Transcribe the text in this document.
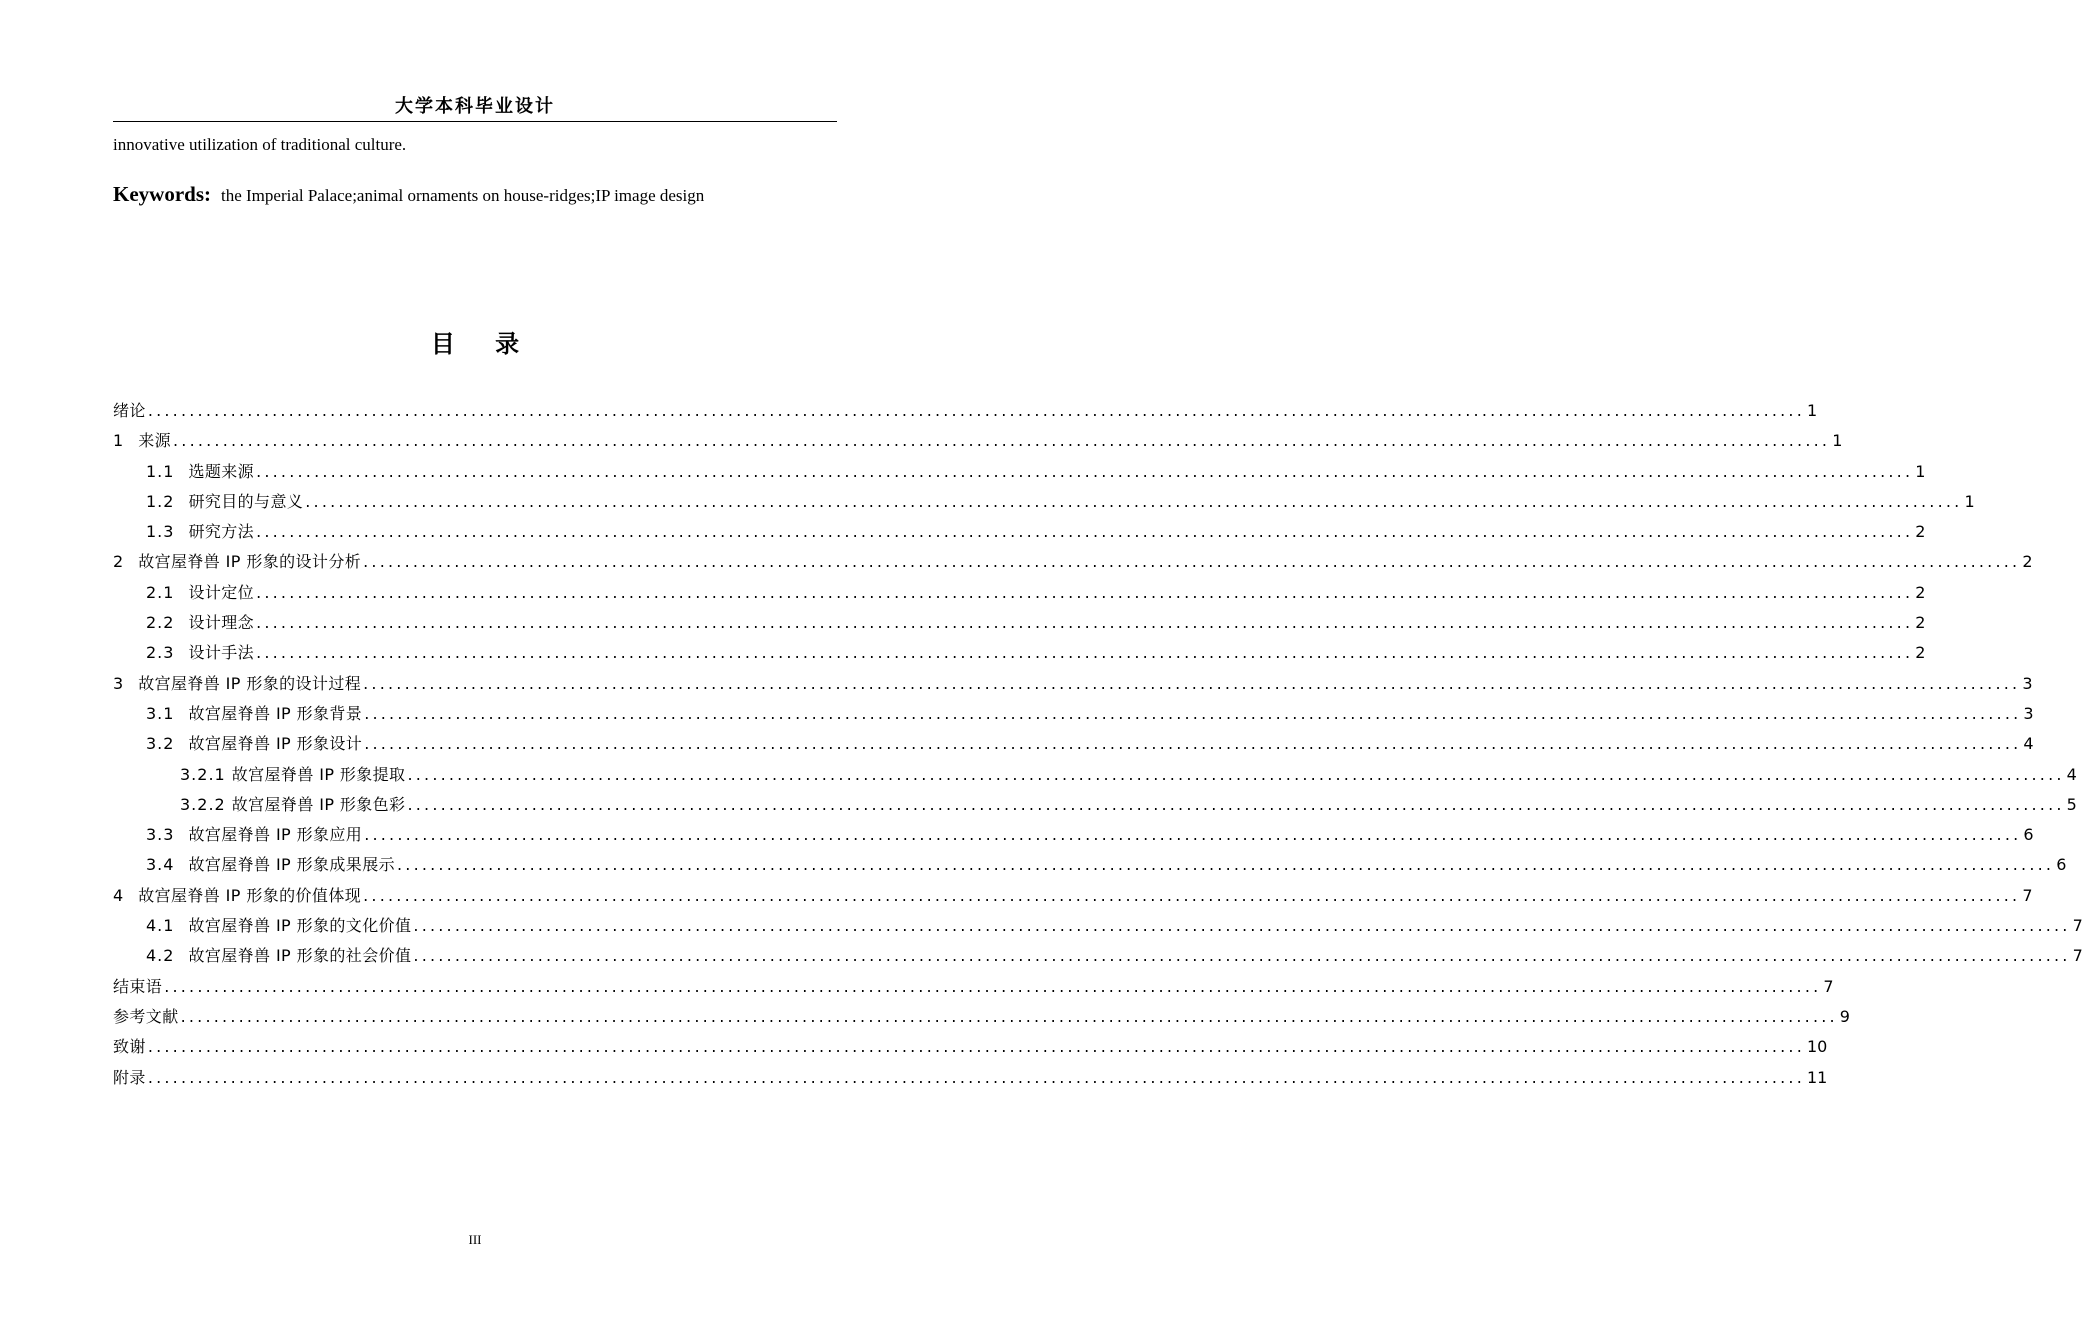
大学本科毕业设计
innovative utilization of traditional culture.
Keywords: the Imperial Palace;animal ornaments on house-ridges;IP image design
目 录
绪论 ........................................................................................................................................................................................................ 1
1 来源 ........................................................................................................................................................................................................ 1
1.1 选题来源 ........................................................................................................................................................................................................ 1
1.2 研究目的与意义 ........................................................................................................................................................................................................ 1
1.3 研究方法 ........................................................................................................................................................................................................ 2
2 故宫屋脊兽 IP 形象的设计分析 ........................................................................................................................................................................................................ 2
2.1 设计定位 ........................................................................................................................................................................................................ 2
2.2 设计理念 ........................................................................................................................................................................................................ 2
2.3 设计手法 ........................................................................................................................................................................................................ 2
3 故宫屋脊兽 IP 形象的设计过程 ........................................................................................................................................................................................................ 3
3.1 故宫屋脊兽 IP 形象背景 ........................................................................................................................................................................................................ 3
3.2 故宫屋脊兽 IP 形象设计 ........................................................................................................................................................................................................ 4
3.2.1 故宫屋脊兽 IP 形象提取 ........................................................................................................................................................................................................ 4
3.2.2 故宫屋脊兽 IP 形象色彩 ........................................................................................................................................................................................................ 5
3.3 故宫屋脊兽 IP 形象应用 ........................................................................................................................................................................................................ 6
3.4 故宫屋脊兽 IP 形象成果展示 ........................................................................................................................................................................................................ 6
4 故宫屋脊兽 IP 形象的价值体现 ........................................................................................................................................................................................................ 7
4.1 故宫屋脊兽 IP 形象的文化价值 ........................................................................................................................................................................................................ 7
4.2 故宫屋脊兽 IP 形象的社会价值 ........................................................................................................................................................................................................ 7
结束语 ........................................................................................................................................................................................................ 7
参考文献 ........................................................................................................................................................................................................ 9
致谢 ........................................................................................................................................................................................................ 10
附录 ........................................................................................................................................................................................................ 11
III
